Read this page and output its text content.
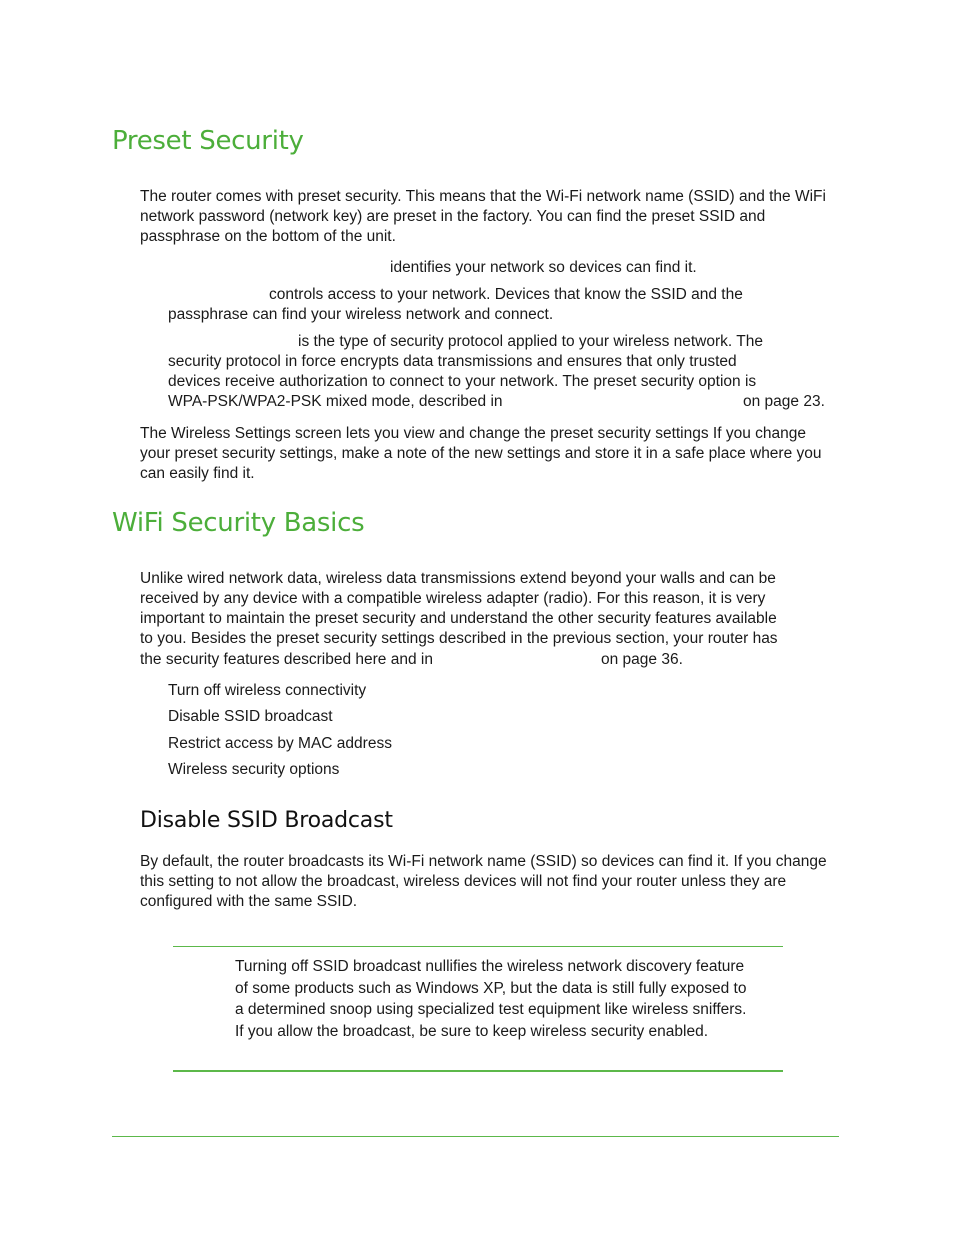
Preset Security

The router comes with preset security. This means that the Wi-Fi network name (SSID) and the WiFi network password (network key) are preset in the factory. You can find the preset SSID and passphrase on the bottom of the unit.

identifies your network so devices can find it.

controls access to your network. Devices that know the SSID and the

passphrase can find your wireless network and connect.

is the type of security protocol applied to your wireless network. The

security protocol in force encrypts data transmissions and ensures that only trusted

devices receive authorization to connect to your network. The preset security option is

WPA-PSK/WPA2-PSK mixed mode, described in	on page 23.

The Wireless Settings screen lets you view and change the preset security settings If you change your preset security settings, make a note of the new settings and store it in a safe place where you can easily find it.

WiFi Security Basics

Unlike wired network data, wireless data transmissions extend beyond your walls and can be

received by any device with a compatible wireless adapter (radio). For this reason, it is very

important to maintain the preset security and understand the other security features available

to you. Besides the preset security settings described in the previous section, your router has

the security features described here and in	on page 36.

Turn off wireless connectivity

Disable SSID broadcast

Restrict access by MAC address

Wireless security options

Disable SSID Broadcast

By default, the router broadcasts its Wi-Fi network name (SSID) so devices can find it. If you change this setting to not allow the broadcast, wireless devices will not find your router unless they are configured with the same SSID.

Turning off SSID broadcast nullifies the wireless network discovery feature of some products such as Windows XP, but the data is still fully exposed to a determined snoop using specialized test equipment like wireless sniffers. If you allow the broadcast, be sure to keep wireless security enabled.
